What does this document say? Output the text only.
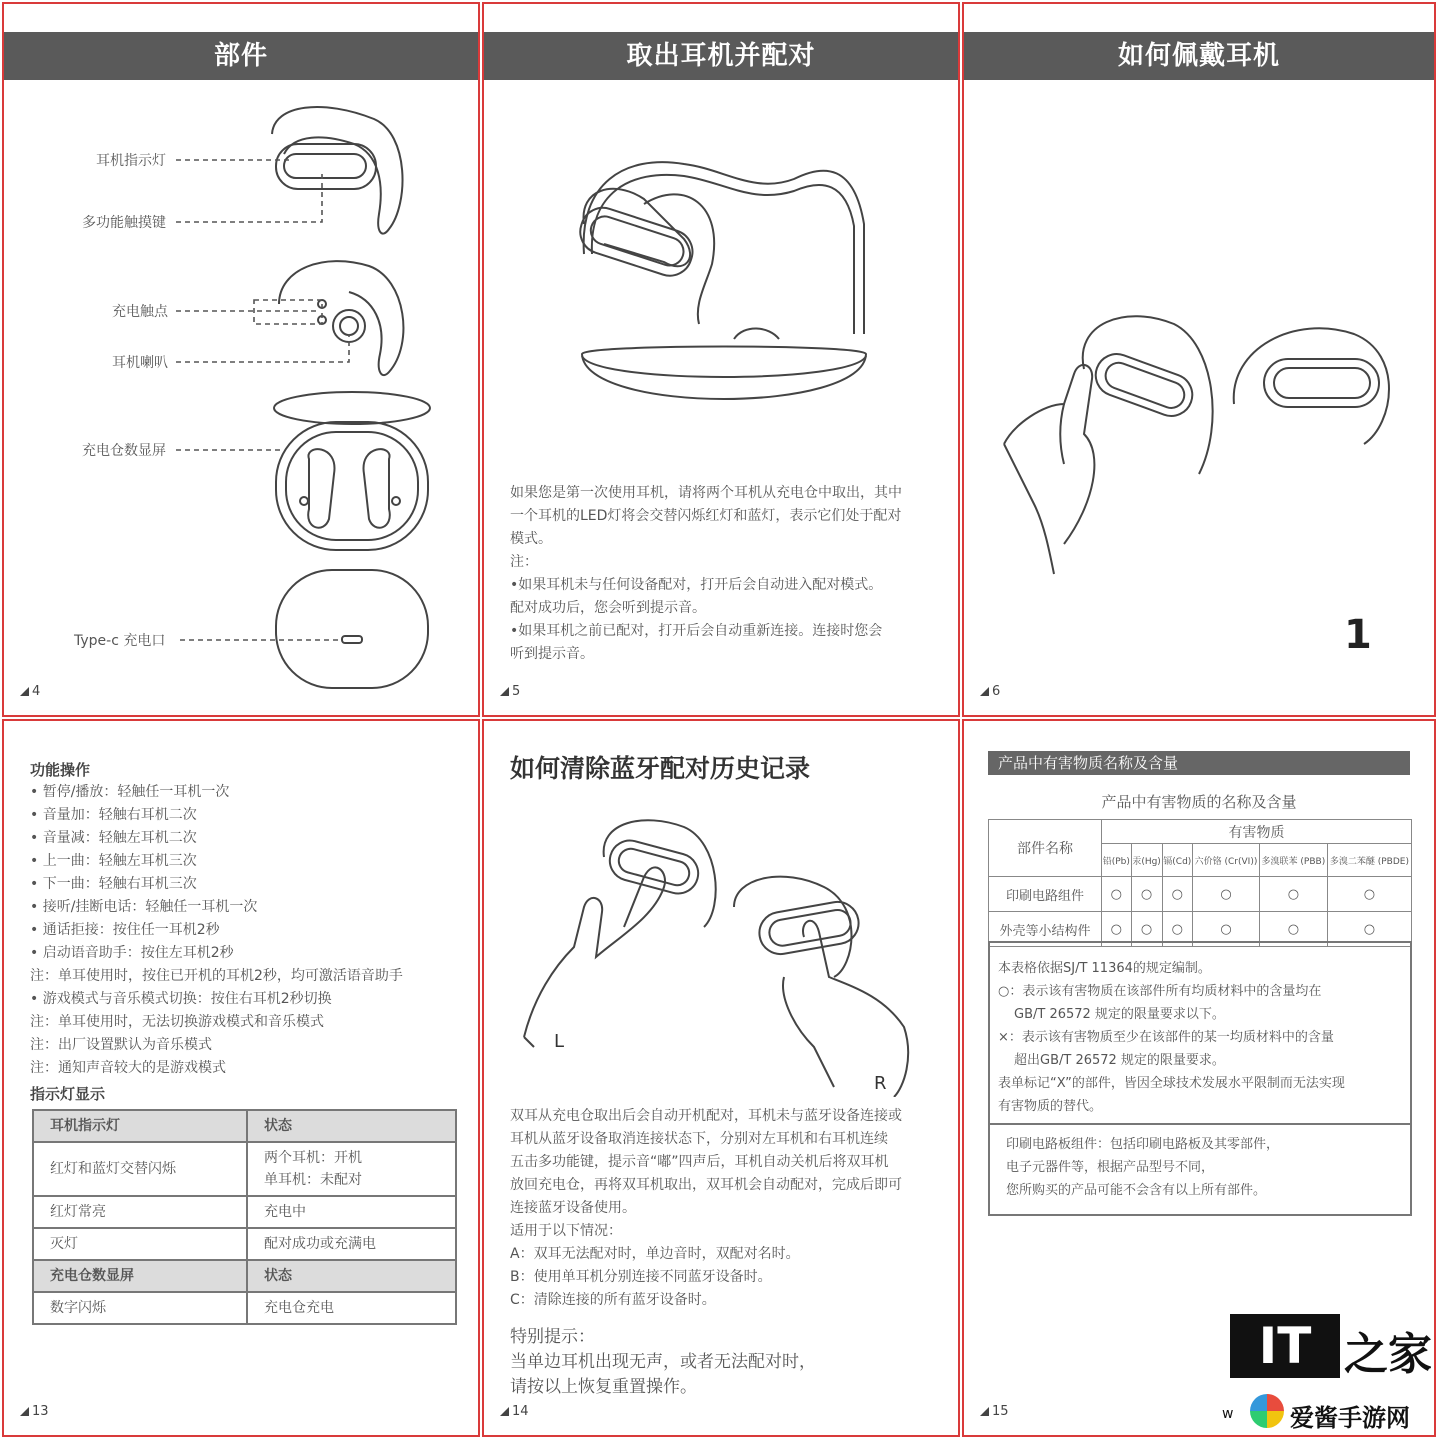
部件
耳机指示灯
多功能触摸键
充电触点
耳机喇叭
充电仓数显屏
Type-c 充电口
4
取出耳机并配对

如果您是第一次使用耳机，请将两个耳机从充电仓中取出，其中

一个耳机的LED灯将会交替闪烁红灯和蓝灯，表示它们处于配对

模式。

注：

•如果耳机未与任何设备配对，打开后会自动进入配对模式。

配对成功后，您会听到提示音。

•如果耳机之前已配对，打开后会自动重新连接。连接时您会

听到提示音。

5
如何佩戴耳机
1
6
功能操作

• 暂停/播放：轻触任一耳机一次

• 音量加：轻触右耳机二次

• 音量减：轻触左耳机二次

• 上一曲：轻触左耳机三次

• 下一曲：轻触右耳机三次

• 接听/挂断电话：轻触任一耳机一次

• 通话拒接：按住任一耳机2秒

• 启动语音助手：按住左耳机2秒

注：单耳使用时，按住已开机的耳机2秒，均可激活语音助手

• 游戏模式与音乐模式切换：按住右耳机2秒切换

注：单耳使用时，无法切换游戏模式和音乐模式

注：出厂设置默认为音乐模式

注：通知声音较大的是游戏模式

指示灯显示
耳机指示灯	状态
红灯和蓝灯交替闪烁	两个耳机：开机
单耳机：未配对

红灯常亮	充电中
灭灯	配对成功或充满电
充电仓数显屏	状态
数字闪烁	充电仓充电
13
如何清除蓝牙配对历史记录
L
R

双耳从充电仓取出后会自动开机配对，耳机未与蓝牙设备连接或

耳机从蓝牙设备取消连接状态下，分别对左耳机和右耳机连续

五击多功能键，提示音“嘟”四声后，耳机自动关机后将双耳机

放回充电仓，再将双耳机取出，双耳机会自动配对，完成后即可

连接蓝牙设备使用。

适用于以下情况：

A：双耳无法配对时，单边音时，双配对名时。

B：使用单耳机分别连接不同蓝牙设备时。

C：清除连接的所有蓝牙设备时。

特别提示：
当单边耳机出现无声，或者无法配对时，
请按以上恢复重置操作。
14
产品中有害物质名称及含量
产品中有害物质的名称及含量
部件名称	有害物质					
	铅(Pb)	汞(Hg)	镉(Cd)	六价铬 (Cr(VI))	多溴联苯 (PBB)	多溴二苯醚 (PBDE)
印刷电路组件	○	○	○	○	○	○
外壳等小结构件	○	○	○	○	○	○

本表格依据SJ/T 11364的规定编制。

○：表示该有害物质在该部件所有均质材料中的含量均在

GB/T 26572 规定的限量要求以下。

×：表示该有害物质至少在该部件的某一均质材料中的含量

超出GB/T 26572 规定的限量要求。

表单标记“X”的部件，皆因全球技术发展水平限制而无法实现

有害物质的替代。

印刷电路板组件：包括印刷电路板及其零部件，

电子元器件等，根据产品型号不同，

您所购买的产品可能不会含有以上所有部件。

15
IT 之家
w 爱酱手游网
